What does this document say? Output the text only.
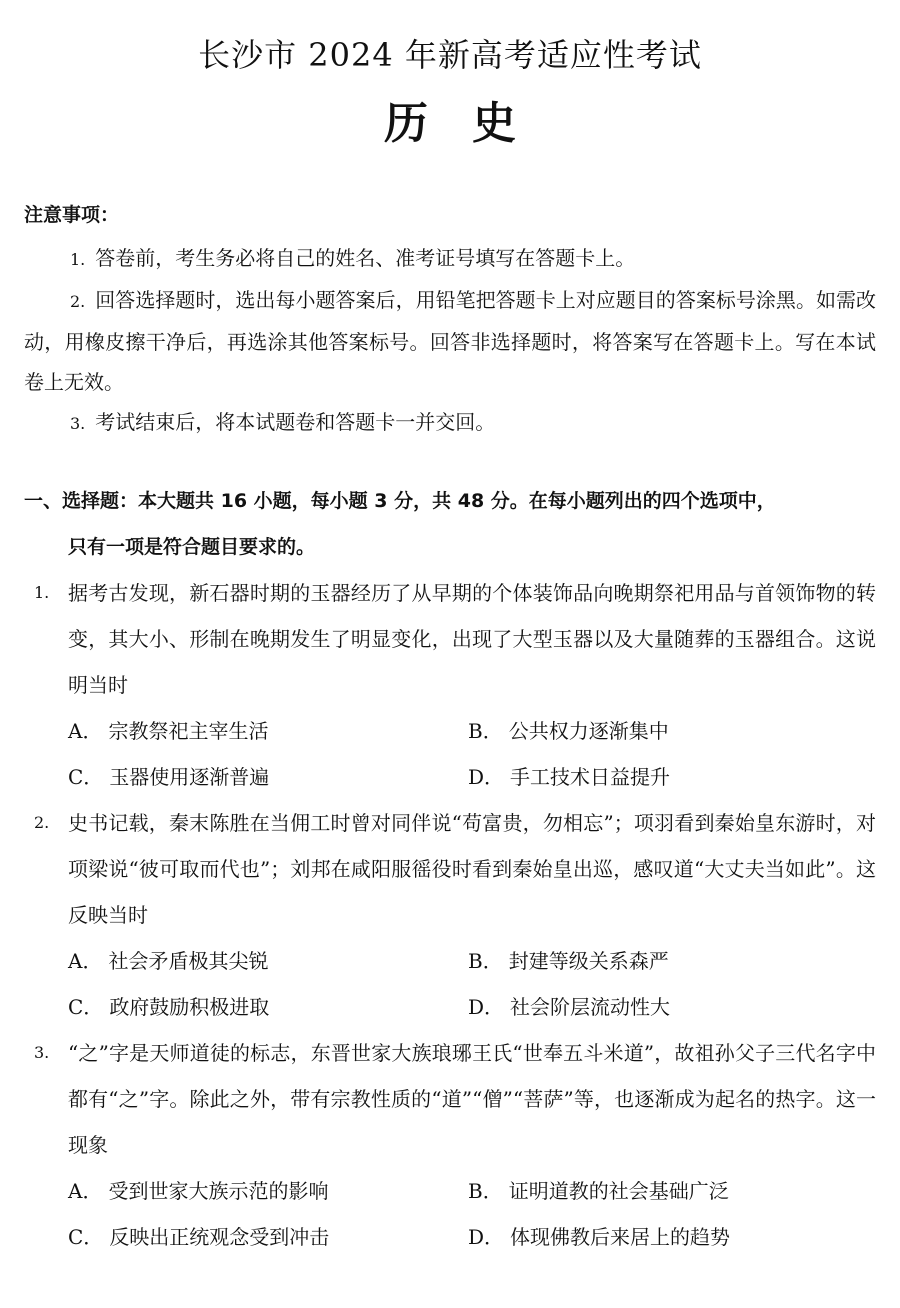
长沙市 2024 年新高考适应性考试
历史
注意事项：

1. 答卷前，考生务必将自己的姓名、准考证号填写在答题卡上。

2. 回答选择题时，选出每小题答案后，用铅笔把答题卡上对应题目的答案标号涂黑。如需改动，用橡皮擦干净后，再选涂其他答案标号。回答非选择题时，将答案写在答题卡上。写在本试卷上无效。

3. 考试结束后，将本试题卷和答题卡一并交回。

一、选择题：本大题共 16 小题，每小题 3 分，共 48 分。在每小题列出的四个选项中，
只有一项是符合题目要求的。
1. 据考古发现，新石器时期的玉器经历了从早期的个体装饰品向晚期祭祀用品与首领饰物的转变，其大小、形制在晚期发生了明显变化，出现了大型玉器以及大量随葬的玉器组合。这说明当时
A． 宗教祭祀主宰生活	B． 公共权力逐渐集中
C． 玉器使用逐渐普遍	D． 手工技术日益提升
2. 史书记载，秦末陈胜在当佣工时曾对同伴说“苟富贵，勿相忘”；项羽看到秦始皇东游时，对项梁说“彼可取而代也”；刘邦在咸阳服徭役时看到秦始皇出巡，感叹道“大丈夫当如此”。这反映当时
A． 社会矛盾极其尖锐	B． 封建等级关系森严
C． 政府鼓励积极进取	D． 社会阶层流动性大
3. “之”字是天师道徒的标志，东晋世家大族琅琊王氏“世奉五斗米道”，故祖孙父子三代名字中都有“之”字。除此之外，带有宗教性质的“道”“僧”“菩萨”等，也逐渐成为起名的热字。这一现象
A． 受到世家大族示范的影响	B． 证明道教的社会基础广泛
C． 反映出正统观念受到冲击	D． 体现佛教后来居上的趋势
